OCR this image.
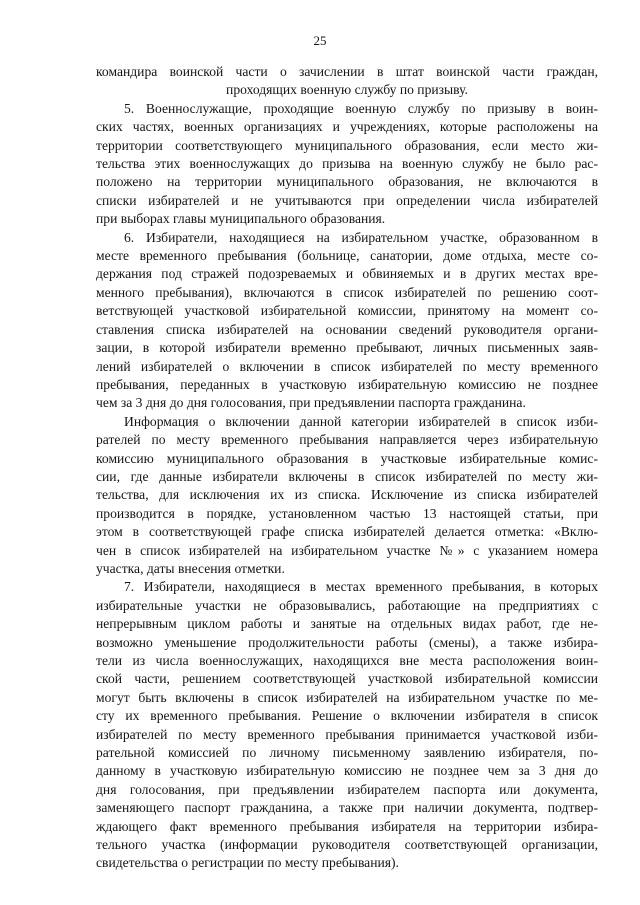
25
командира воинской части о зачислении в штат воинской части граждан,
проходящих военную службу по призыву.
5. Военнослужащие, проходящие военную службу по призыву в воин-
ских частях, военных организациях и учреждениях, которые расположены на
территории соответствующего муниципального образования, если место жи-
тельства этих военнослужащих до призыва на военную службу не было рас-
положено на территории муниципального образования, не включаются в
списки избирателей и не учитываются при определении числа избирателей
при выборах главы муниципального образования.
6. Избиратели, находящиеся на избирательном участке, образованном в
месте временного пребывания (больнице, санатории, доме отдыха, месте со-
держания под стражей подозреваемых и обвиняемых и в других местах вре-
менного пребывания), включаются в список избирателей по решению соот-
ветствующей участковой избирательной комиссии, принятому на момент со-
ставления списка избирателей на основании сведений руководителя органи-
зации, в которой избиратели временно пребывают, личных письменных заяв-
лений избирателей о включении в список избирателей по месту временного
пребывания, переданных в участковую избирательную комиссию не позднее
чем за 3 дня до дня голосования, при предъявлении паспорта гражданина.
Информация о включении данной категории избирателей в список изби-
рателей по месту временного пребывания направляется через избирательную
комиссию муниципального образования в участковые избирательные комис-
сии, где данные избиратели включены в список избирателей по месту жи-
тельства, для исключения их из списка. Исключение из списка избирателей
производится в порядке, установленном частью 13 настоящей статьи, при
этом в соответствующей графе списка избирателей делается отметка: «Вклю-
чен в список избирателей на избирательном участке №» с указанием номера
участка, даты внесения отметки.
7. Избиратели, находящиеся в местах временного пребывания, в которых
избирательные участки не образовывались, работающие на предприятиях с
непрерывным циклом работы и занятые на отдельных видах работ, где не-
возможно уменьшение продолжительности работы (смены), а также избира-
тели из числа военнослужащих, находящихся вне места расположения воин-
ской части, решением соответствующей участковой избирательной комиссии
могут быть включены в список избирателей на избирательном участке по ме-
сту их временного пребывания. Решение о включении избирателя в список
избирателей по месту временного пребывания принимается участковой изби-
рательной комиссией по личному письменному заявлению избирателя, по-
данному в участковую избирательную комиссию не позднее чем за 3 дня до
дня голосования, при предъявлении избирателем паспорта или документа,
заменяющего паспорт гражданина, а также при наличии документа, подтвер-
ждающего факт временного пребывания избирателя на территории избира-
тельного участка (информации руководителя соответствующей организации,
свидетельства о регистрации по месту пребывания).
